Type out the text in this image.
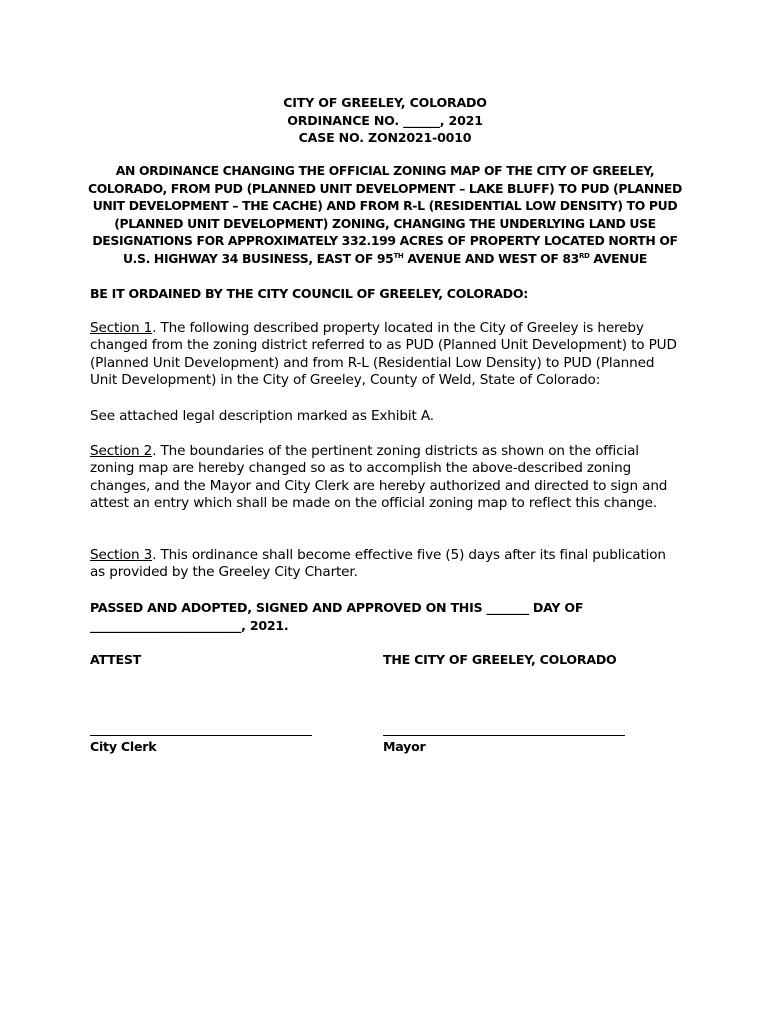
CITY OF GREELEY, COLORADO
ORDINANCE NO. ______, 2021
CASE NO. ZON2021-0010
AN ORDINANCE CHANGING THE OFFICIAL ZONING MAP OF THE CITY OF GREELEY, COLORADO, FROM PUD (PLANNED UNIT DEVELOPMENT – LAKE BLUFF) TO PUD (PLANNED UNIT DEVELOPMENT – THE CACHE) AND FROM R-L (RESIDENTIAL LOW DENSITY) TO PUD (PLANNED UNIT DEVELOPMENT) ZONING, CHANGING THE UNDERLYING LAND USE DESIGNATIONS FOR APPROXIMATELY 332.199 ACRES OF PROPERTY LOCATED NORTH OF U.S. HIGHWAY 34 BUSINESS, EAST OF 95TH AVENUE AND WEST OF 83RD AVENUE
BE IT ORDAINED BY THE CITY COUNCIL OF GREELEY, COLORADO:
Section 1. The following described property located in the City of Greeley is hereby changed from the zoning district referred to as PUD (Planned Unit Development) to PUD (Planned Unit Development) and from R-L (Residential Low Density) to PUD (Planned Unit Development) in the City of Greeley, County of Weld, State of Colorado:
See attached legal description marked as Exhibit A.
Section 2. The boundaries of the pertinent zoning districts as shown on the official zoning map are hereby changed so as to accomplish the above-described zoning changes, and the Mayor and City Clerk are hereby authorized and directed to sign and attest an entry which shall be made on the official zoning map to reflect this change.
Section 3. This ordinance shall become effective five (5) days after its final publication as provided by the Greeley City Charter.
PASSED AND ADOPTED, SIGNED AND APPROVED ON THIS _______ DAY OF
_________________________, 2021.
ATTEST	THE CITY OF GREELEY, COLORADO
City Clerk	Mayor
